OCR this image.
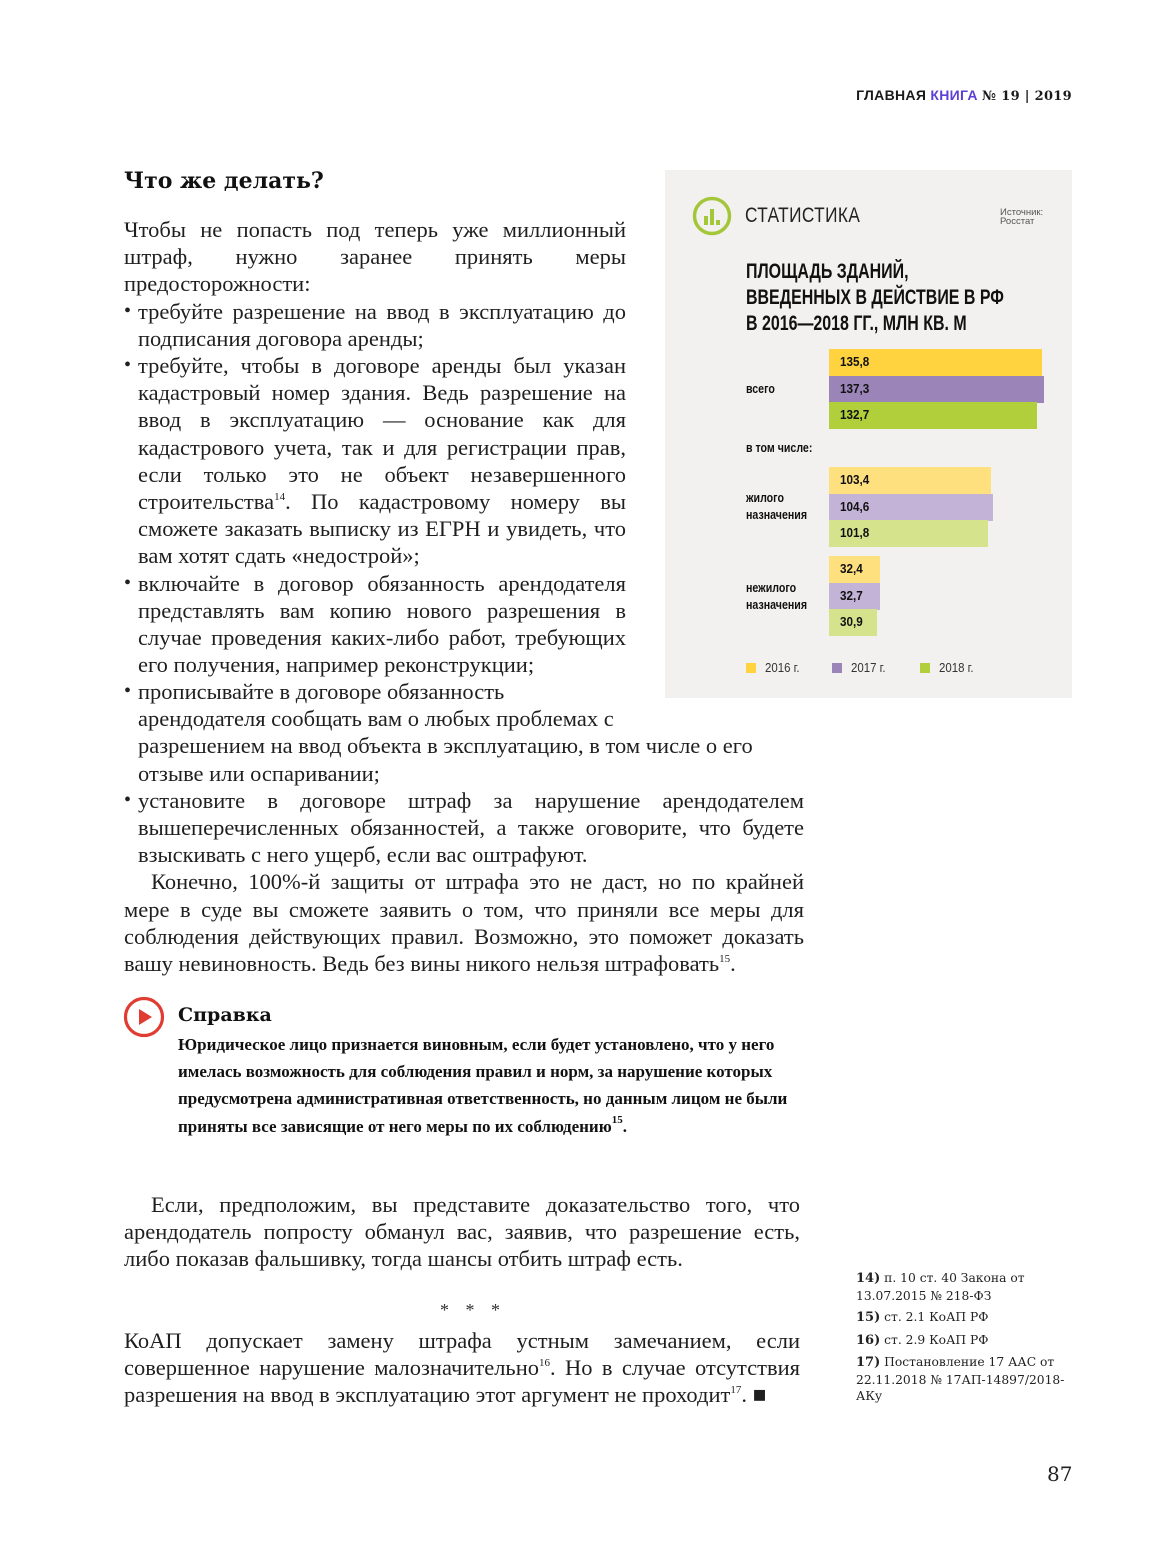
ГЛАВНАЯ КНИГА № 19 | 2019
Что же делать?

Чтобы не попасть под теперь уже миллионный штраф, нужно заранее принять меры предосторожности:

• требуйте разрешение на ввод в эксплуатацию до подписания договора аренды;
• требуйте, чтобы в договоре аренды был указан кадастровый номер здания. Ведь разрешение на ввод в эксплуатацию — основание как для кадастрового учета, так и для регистрации прав, если только это не объект незавершенного строительства$^{14}$. По кадастровому номеру вы сможете заказать выписку из ЕГРН и увидеть, что вам хотят сдать «недострой»;
• включайте в договор обязанность арендодателя представлять вам копию нового разрешения в случае проведения каких-либо работ, требующих его получения, например реконструкции;
• прописывайте в договоре обязанность арендодателя сообщать вам о любых проблемах с разрешением на ввод объекта в эксплуатацию, в том числе о его отзыве или оспаривании;
• установите в договоре штраф за нарушение арендодателем вышеперечисленных обязанностей, а также оговорите, что будете взыскивать с него ущерб, если вас оштрафуют.

Конечно, 100%-й защиты от штрафа это не даст, но по крайней мере в суде вы сможете заявить о том, что приняли все меры для соблюдения действующих правил. Возможно, это поможет доказать вашу невиновность. Ведь без вины никого нельзя штрафовать$^{15}$.

Справка
Юридическое лицо признается виновным, если будет установлено, что у него имелась возможность для соблюдения правил и норм, за нарушение которых предусмотрена административная ответственность, но данным лицом не были приняты все зависящие от него меры по их соблюдению$^{15}$.

Если, предположим, вы представите доказательство того, что арендодатель попросту обманул вас, заявив, что разрешение есть, либо показав фальшивку, тогда шансы отбить штраф есть.

* * *

КоАП допускает замену штрафа устным замечанием, если совершенное нарушение малозначительно$^{16}$. Но в случае отсутствия разрешения на ввод в эксплуатацию этот аргумент не проходит$^{17}$. ■

СТАТИСТИКА	Источник:
Росстат
ПЛОЩАДЬ ЗДАНИЙ,
ВВЕДЕННЫХ В ДЕЙСТВИЕ В РФ
В 2016—2018 ГГ., МЛН КВ. М
всего
в том числе:
жилого
назначения
нежилого
назначения
135,8
137,3
132,7
103,4
104,6
101,8
32,4
32,7
30,9
2016 г.	2017 г.	2018 г.
14) п. 10 ст. 40 Закона от 13.07.2015 № 218-ФЗ
15) ст. 2.1 КоАП РФ
16) ст. 2.9 КоАП РФ
17) Постановление 17 ААС от 22.11.2018 № 17АП-14897/2018-АКу
87
